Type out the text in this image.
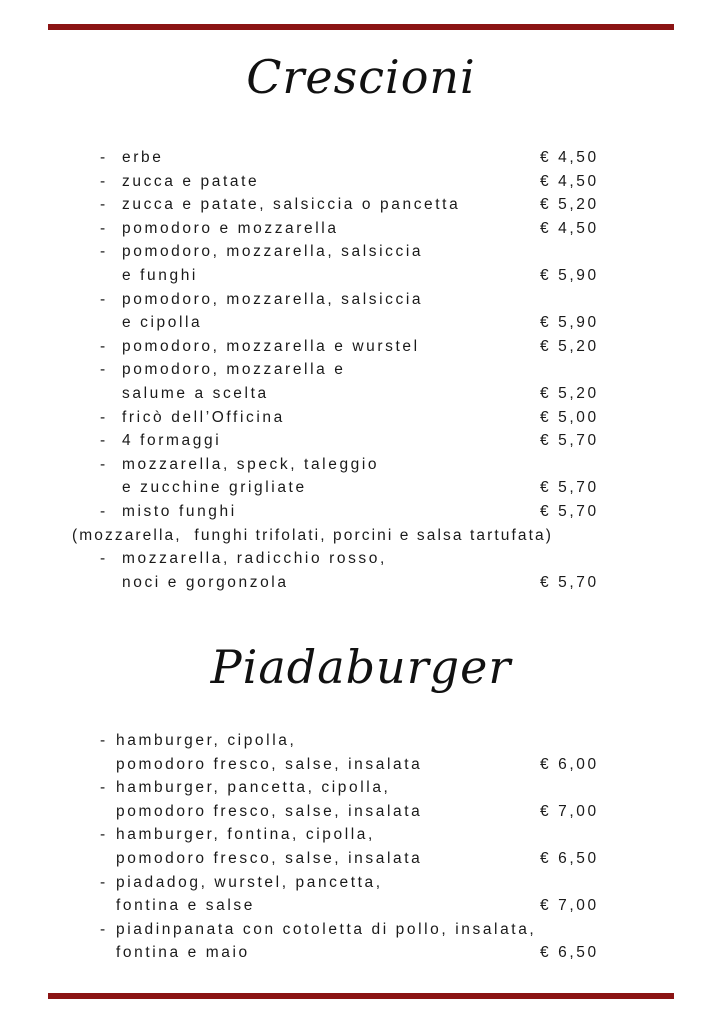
Crescioni
- erbe	€ 4,50
- zucca e patate	€ 4,50
- zucca e patate, salsiccia o pancetta	€ 5,20
- pomodoro e mozzarella	€ 4,50
- pomodoro, mozzarella, salsiccia
e funghi	€ 5,90
- pomodoro, mozzarella, salsiccia
e cipolla	€ 5,90
- pomodoro, mozzarella e wurstel	€ 5,20
- pomodoro, mozzarella e
salume a scelta	€ 5,20
- fricò dell’Officina	€ 5,00
- 4 formaggi	€ 5,70
- mozzarella, speck, taleggio
e zucchine grigliate	€ 5,70
- misto funghi	€ 5,70
(mozzarella,  funghi trifolati, porcini e salsa tartufata)
- mozzarella, radicchio rosso,
noci e gorgonzola	€ 5,70
Piadaburger
- hamburger, cipolla,
pomodoro fresco, salse, insalata	€ 6,00
- hamburger, pancetta, cipolla,
pomodoro fresco, salse, insalata	€ 7,00
- hamburger, fontina, cipolla,
pomodoro fresco, salse, insalata	€ 6,50
- piadadog, wurstel, pancetta,
fontina e salse	€ 7,00
- piadinpanata con cotoletta di pollo, insalata,
fontina e maio	€ 6,50
